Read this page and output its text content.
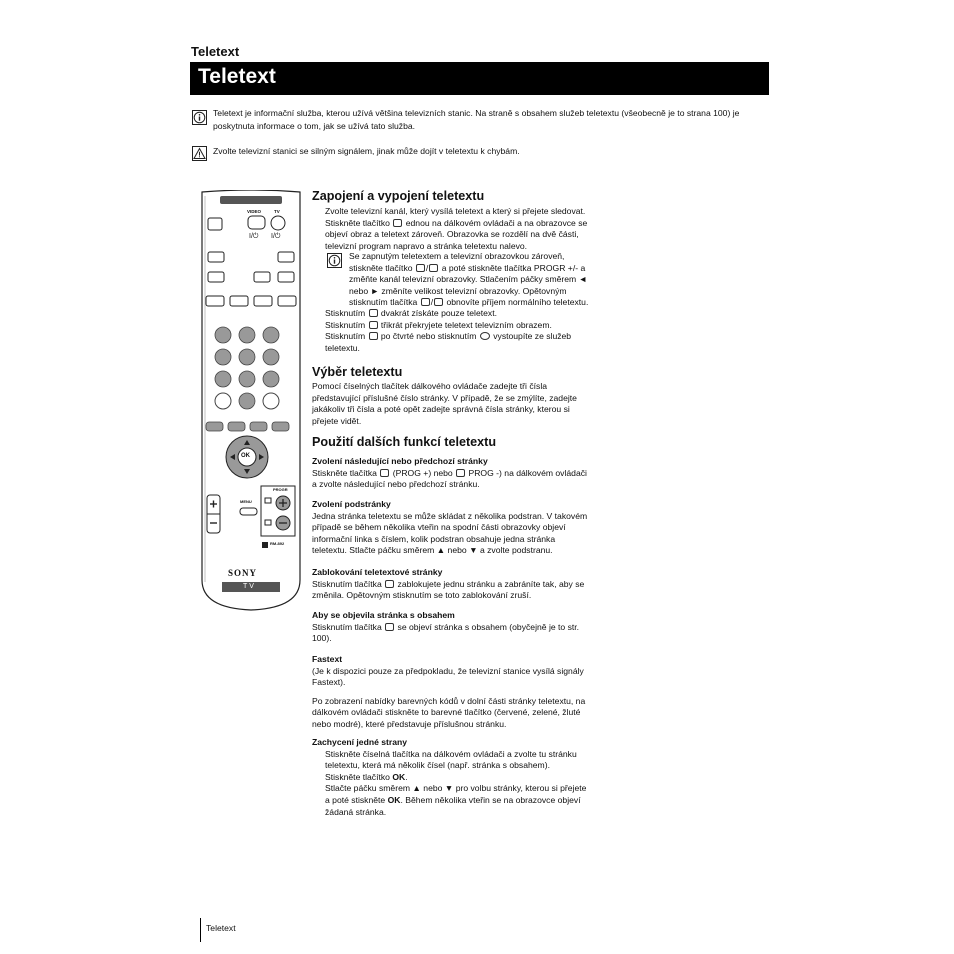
Teletext
Teletext
Teletext je informační služba, kterou užívá většina televizních stanic. Na straně s obsahem služeb teletextu (všeobecně je to strana 100) je poskytnuta informace o tom, jak se užívá tato služba.
Zvolte televizní stanici se silným signálem, jinak může dojít v teletextu k chybám.
VIDEO	TV
I/⏻ I/⏻
MENU
PROGR
OK
RM-892
SONY
TV
Zapojení a vypojení teletextu
Zvolte televizní kanál, který vysílá teletext a který si přejete sledovat.
Stiskněte tlačítko ednou na dálkovém ovládači a na obrazovce se
objeví obraz a teletext zároveň. Obrazovka se rozdělí na dvě části,
televizní program napravo a stránka teletextu nalevo.
Se zapnutým teletextem a televizní obrazovkou zároveň,
stiskněte tlačítko / a poté stiskněte tlačítka PROGR +/- a
změňte kanál televizní obrazovky. Stlačením páčky směrem ◄
nebo ► změníte velikost televizní obrazovky. Opětovným
stisknutím tlačítka / obnovíte příjem normálního teletextu.
Stisknutím dvakrát získáte pouze teletext.
Stisknutím třikrát překryjete teletext televizním obrazem.
Stisknutím po čtvrté nebo stisknutím vystoupíte ze služeb
teletextu.
Výběr teletextu
Pomocí číselných tlačítek dálkového ovládače zadejte tři čísla
představující příslušné číslo stránky. V případě, že se zmýlíte, zadejte
jakákoliv tři čísla a poté opět zadejte správná čísla stránky, kterou si
přejete vidět.
Použití dalších funkcí teletextu
Zvolení následující nebo předchozí stránky
Stiskněte tlačítka (PROG +) nebo PROG -) na dálkovém ovládači
a zvolte následující nebo předchozí stránku.
Zvolení podstránky
Jedna stránka teletextu se může skládat z několika podstran. V takovém
případě se během několika vteřin na spodní části obrazovky objeví
informační linka s číslem, kolik podstran obsahuje jedna stránka
teletextu. Stlačte páčku směrem ▲ nebo ▼ a zvolte podstranu.
Zablokování teletextové stránky
Stisknutím tlačítka zablokujete jednu stránku a zabráníte tak, aby se
změnila. Opětovným stisknutím se toto zablokování zruší.
Aby se objevila stránka s obsahem
Stisknutím tlačítka se objeví stránka s obsahem (obyčejně je to str.
100).
Fastext
(Je k dispozici pouze za předpokladu, že televizní stanice vysílá signály
Fastext).
Po zobrazení nabídky barevných kódů v dolní části stránky teletextu, na
dálkovém ovládači stiskněte to barevné tlačítko (červené, zelené, žluté
nebo modré), které představuje příslušnou stránku.
Zachycení jedné strany
Stiskněte číselná tlačítka na dálkovém ovládači a zvolte tu stránku
teletextu, která má několik čísel (např. stránka s obsahem).
Stiskněte tlačítko OK.
Stlačte páčku směrem ▲ nebo ▼ pro volbu stránky, kterou si přejete
a poté stiskněte OK. Během několika vteřin se na obrazovce objeví
žádaná stránka.
Teletext
